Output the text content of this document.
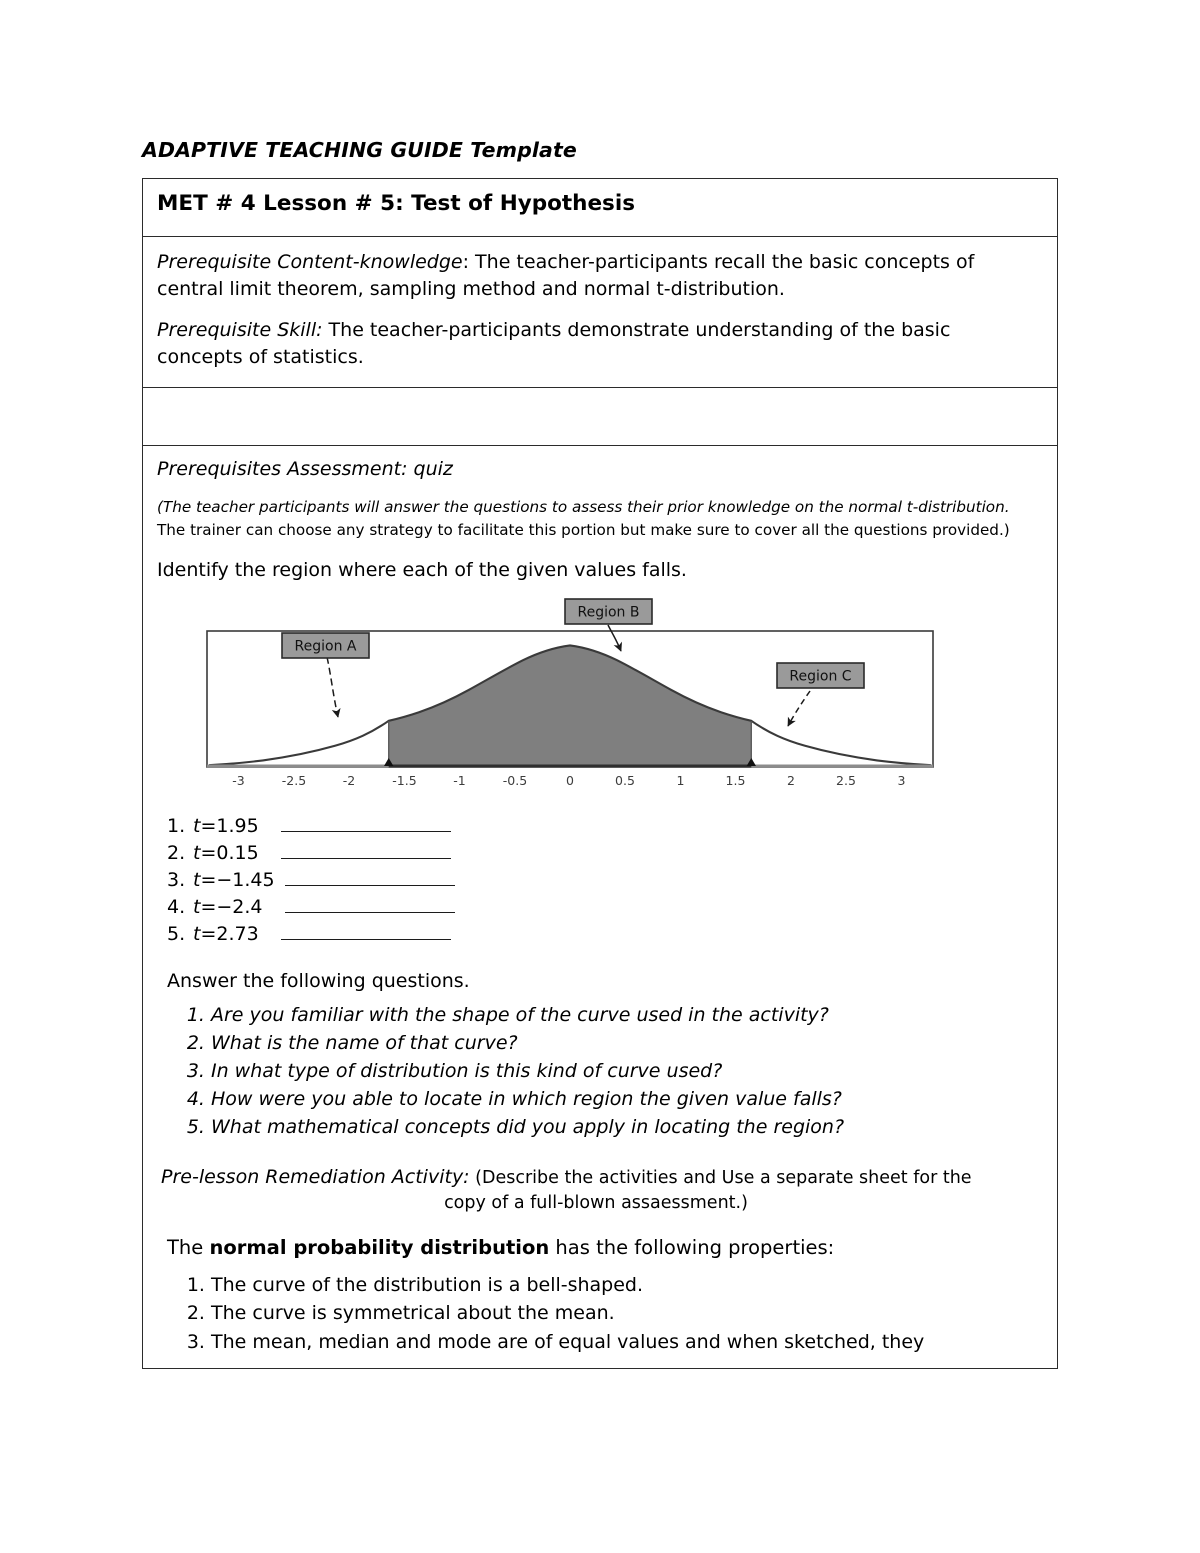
ADAPTIVE TEACHING GUIDE Template
MET # 4 Lesson # 5: Test of Hypothesis

Prerequisite Content-knowledge: The teacher-participants recall the basic concepts of central limit theorem, sampling method and normal t-distribution.

Prerequisite Skill: The teacher-participants demonstrate understanding of the basic concepts of statistics.

Prerequisites Assessment: quiz

(The teacher participants will answer the questions to assess their prior knowledge on the normal t-distribution. The trainer can choose any strategy to facilitate this portion but make sure to cover all the questions provided.)

Identify the region where each of the given values falls.

-3	-2.5	-2	-1.5	-1	-0.5	0	0.5	1	1.5	2	2.5	3
Region A
Region B
Region C
1. t=1.95
2. t=0.15
3. t=−1.45
4. t=−2.4
5. t=2.73

Answer the following questions.

1. Are you familiar with the shape of the curve used in the activity?
2. What is the name of that curve?
3. In what type of distribution is this kind of curve used?
4. How were you able to locate in which region the given value falls?
5. What mathematical concepts did you apply in locating the region?
Pre-lesson Remediation Activity: (Describe the activities and Use a separate sheet for the
copy of a full-blown assaessment.)

The normal probability distribution has the following properties:

1. The curve of the distribution is a bell-shaped.
2. The curve is symmetrical about the mean.
3. The mean, median and mode are of equal values and when sketched, they
